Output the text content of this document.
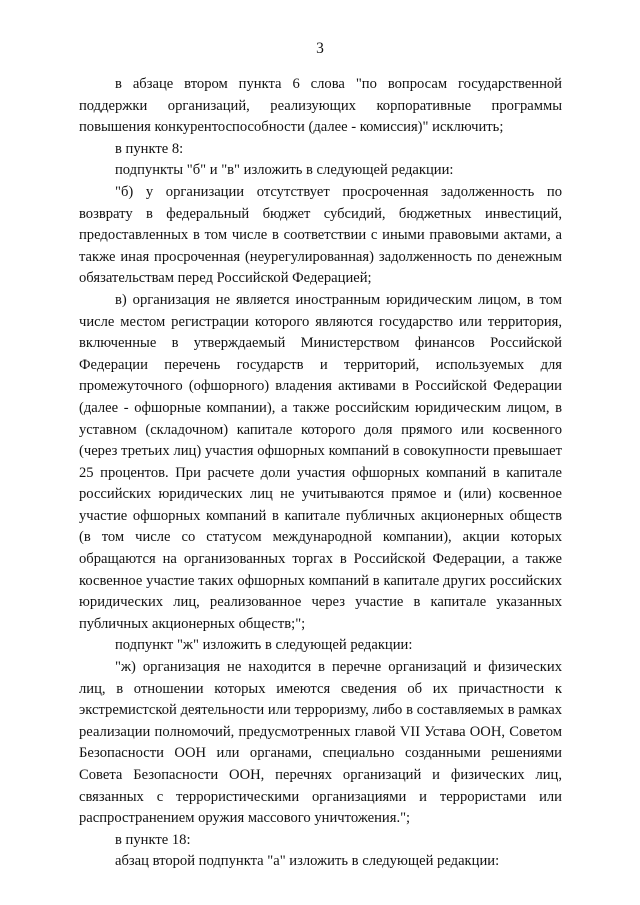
3

в абзаце втором пункта 6 слова "по вопросам государственной поддержки организаций, реализующих корпоративные программы повышения конкурентоспособности (далее - комиссия)" исключить;

в пункте 8:

подпункты "б" и "в" изложить в следующей редакции:

"б) у организации отсутствует просроченная задолженность по возврату в федеральный бюджет субсидий, бюджетных инвестиций, предоставленных в том числе в соответствии с иными правовыми актами, а также иная просроченная (неурегулированная) задолженность по денежным обязательствам перед Российской Федерацией;

в) организация не является иностранным юридическим лицом, в том числе местом регистрации которого являются государство или территория, включенные в утверждаемый Министерством финансов Российской Федерации перечень государств и территорий, используемых для промежуточного (офшорного) владения активами в Российской Федерации (далее - офшорные компании), а также российским юридическим лицом, в уставном (складочном) капитале которого доля прямого или косвенного (через третьих лиц) участия офшорных компаний в совокупности превышает 25 процентов. При расчете доли участия офшорных компаний в капитале российских юридических лиц не учитываются прямое и (или) косвенное участие офшорных компаний в капитале публичных акционерных обществ (в том числе со статусом международной компании), акции которых обращаются на организованных торгах в Российской Федерации, а также косвенное участие таких офшорных компаний в капитале других российских юридических лиц, реализованное через участие в капитале указанных публичных акционерных обществ;";

подпункт "ж" изложить в следующей редакции:

"ж) организация не находится в перечне организаций и физических лиц, в отношении которых имеются сведения об их причастности к экстремистской деятельности или терроризму, либо в составляемых в рамках реализации полномочий, предусмотренных главой VII Устава ООН, Советом Безопасности ООН или органами, специально созданными решениями Совета Безопасности ООН, перечнях организаций и физических лиц, связанных с террористическими организациями и террористами или распространением оружия массового уничтожения.";

в пункте 18:

абзац второй подпункта "а" изложить в следующей редакции:
